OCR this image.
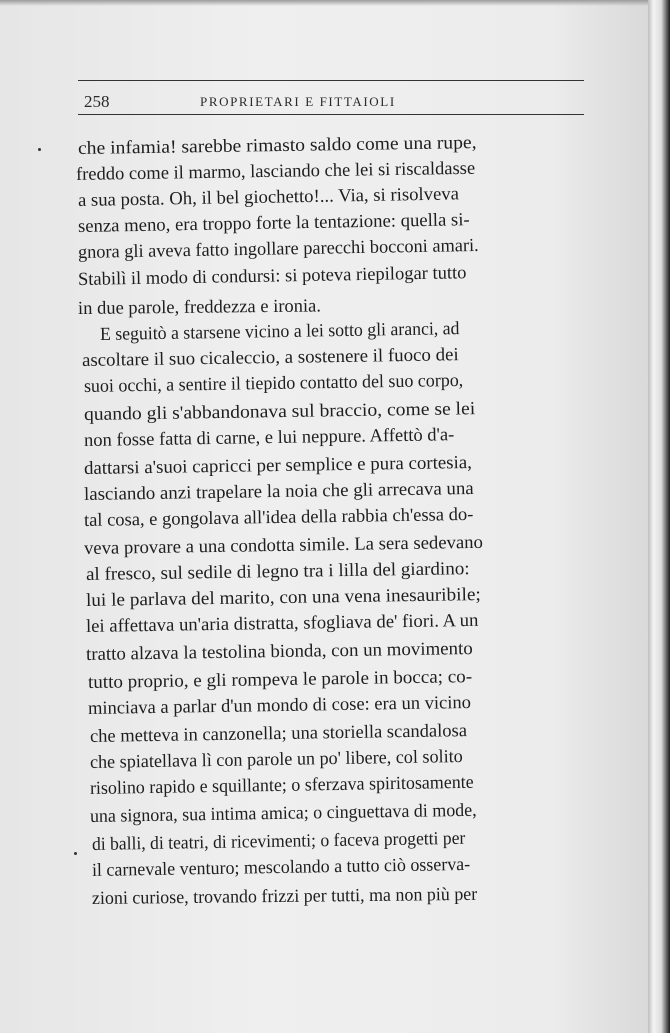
258	PROPRIETARI E FITTAIOLI
che infamia! sarebbe rimasto saldo come una rupe,
freddo come il marmo, lasciando che lei si riscaldasse
a sua posta. Oh, il bel giochetto!... Via, si risolveva
senza meno, era troppo forte la tentazione: quella si-
gnora gli aveva fatto ingollare parecchi bocconi amari.
Stabilì il modo di condursi: si poteva riepilogar tutto
in due parole, freddezza e ironia.
E seguitò a starsene vicino a lei sotto gli aranci, ad
ascoltare il suo cicaleccio, a sostenere il fuoco dei
suoi occhi, a sentire il tiepido contatto del suo corpo,
quando gli s'abbandonava sul braccio, come se lei
non fosse fatta di carne, e lui neppure. Affettò d'a-
dattarsi a'suoi capricci per semplice e pura cortesia,
lasciando anzi trapelare la noia che gli arrecava una
tal cosa, e gongolava all'idea della rabbia ch'essa do-
veva provare a una condotta simile. La sera sedevano
al fresco, sul sedile di legno tra i lilla del giardino:
lui le parlava del marito, con una vena inesauribile;
lei affettava un'aria distratta, sfogliava de' fiori. A un
tratto alzava la testolina bionda, con un movimento
tutto proprio, e gli rompeva le parole in bocca; co-
minciava a parlar d'un mondo di cose: era un vicino
che metteva in canzonella; una storiella scandalosa
che spiatellava lì con parole un po' libere, col solito
risolino rapido e squillante; o sferzava spiritosamente
una signora, sua intima amica; o cinguettava di mode,
di balli, di teatri, di ricevimenti; o faceva progetti per
il carnevale venturo; mescolando a tutto ciò osserva-
zioni curiose, trovando frizzi per tutti, ma non più per
